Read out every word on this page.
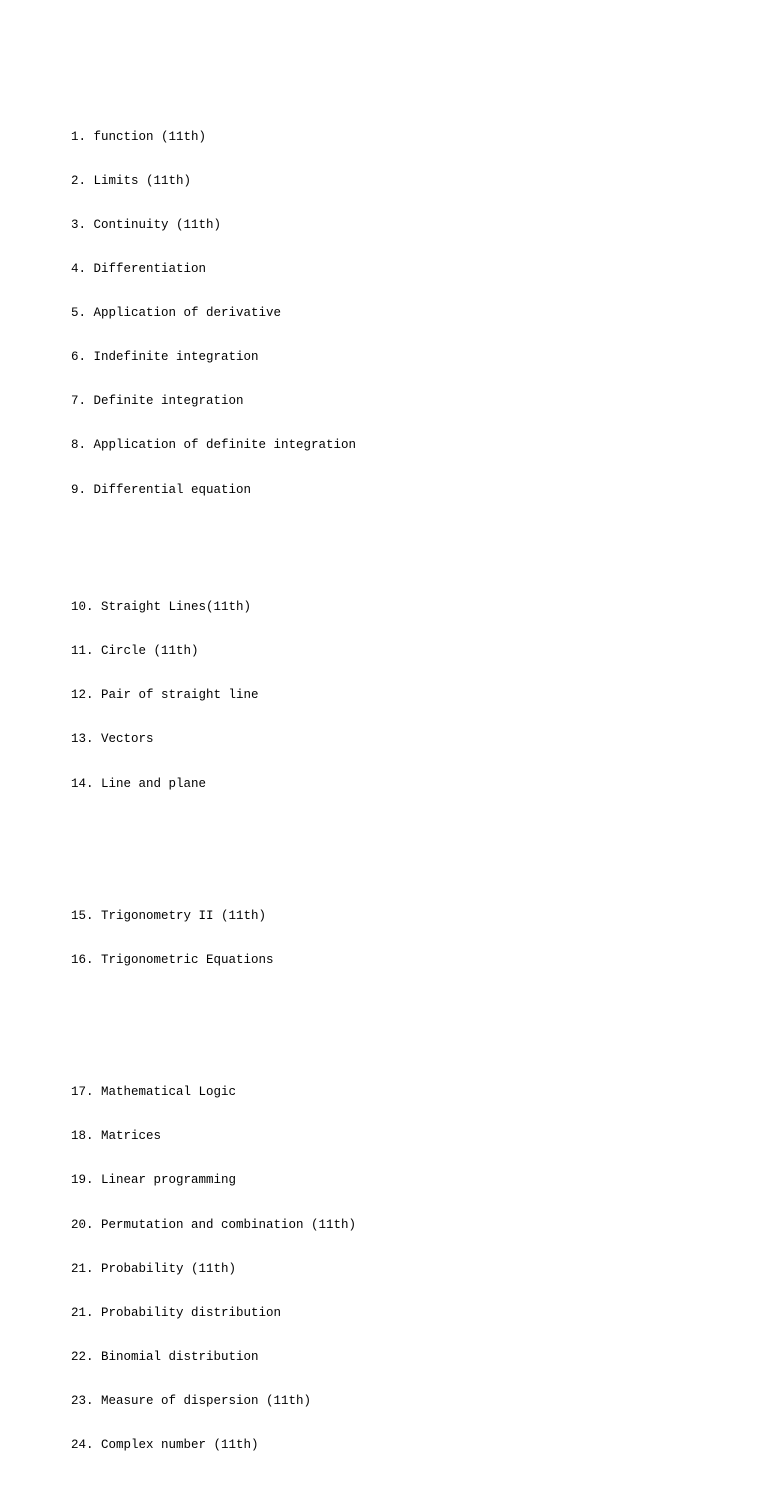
1. function (11th)

2. Limits (11th)

3. Continuity (11th)

4. Differentiation

5. Application of derivative

6. Indefinite integration

7. Definite integration

8. Application of definite integration

9. Differential equation

10. Straight Lines(11th)

11. Circle (11th)

12. Pair of straight line

13. Vectors

14. Line and plane

15. Trigonometry II (11th)

16. Trigonometric Equations

17. Mathematical Logic

18. Matrices

19. Linear programming

20. Permutation and combination (11th)

21. Probability (11th)

21. Probability distribution

22. Binomial distribution

23. Measure of dispersion (11th)

24. Complex number (11th)
